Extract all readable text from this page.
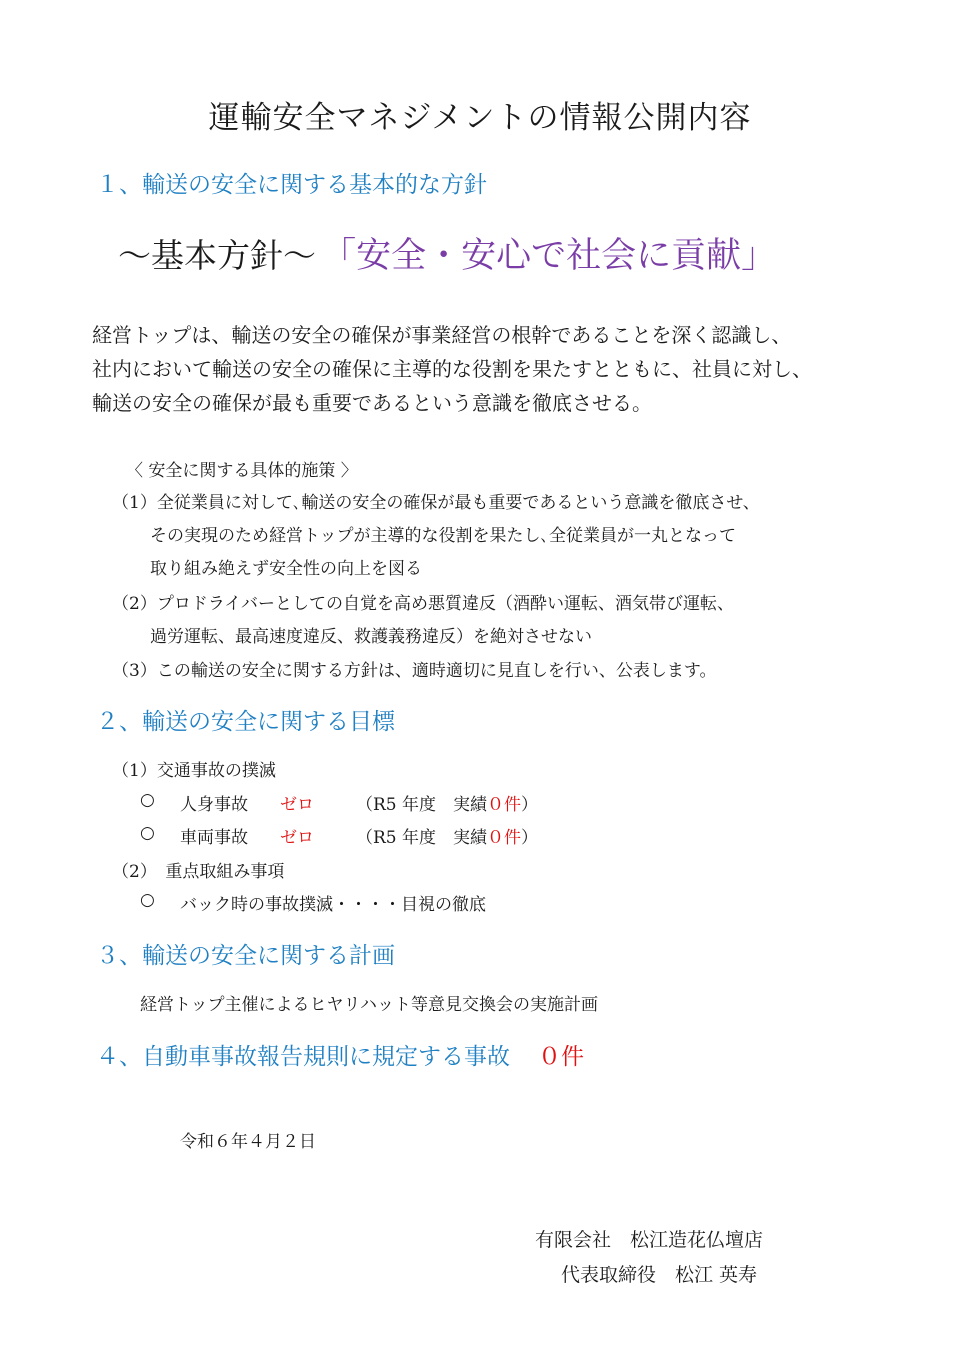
運輸安全マネジメントの情報公開内容
１、輸送の安全に関する基本的な方針
～基本方針～ 「安全・安心で社会に貢献」
経営トップは、輸送の安全の確保が事業経営の根幹であることを深く認識し、
社内において輸送の安全の確保に主導的な役割を果たすとともに、社員に対し、
輸送の安全の確保が最も重要であるという意識を徹底させる。
〈 安全に関する具体的施策 〉
（1）全従業員に対して､輸送の安全の確保が最も重要であるという意識を徹底させ、
その実現のため経営トップが主導的な役割を果たし､全従業員が一丸となって
取り組み絶えず安全性の向上を図る
（2）プロドライバーとしての自覚を高め悪質違反（酒酔い運転、酒気帯び運転、
過労運転、最高速度違反、救護義務違反）を絶対させない
（3）この輸送の安全に関する方針は、適時適切に見直しを行い、公表します。
２、輸送の安全に関する目標
（1）交通事故の撲滅
○ 人身事故 ゼロ （R5 年度　実績０件）
○ 車両事故 ゼロ （R5 年度　実績０件）
（2）　重点取組み事項
○ バック時の事故撲滅・・・・目視の徹底
３、輸送の安全に関する計画
経営トップ主催によるヒヤリハット等意見交換会の実施計画
４、自動車事故報告規則に規定する事故 ０件
令和６年４月２日
有限会社　松江造花仏壇店
代表取締役　松江 英寿
